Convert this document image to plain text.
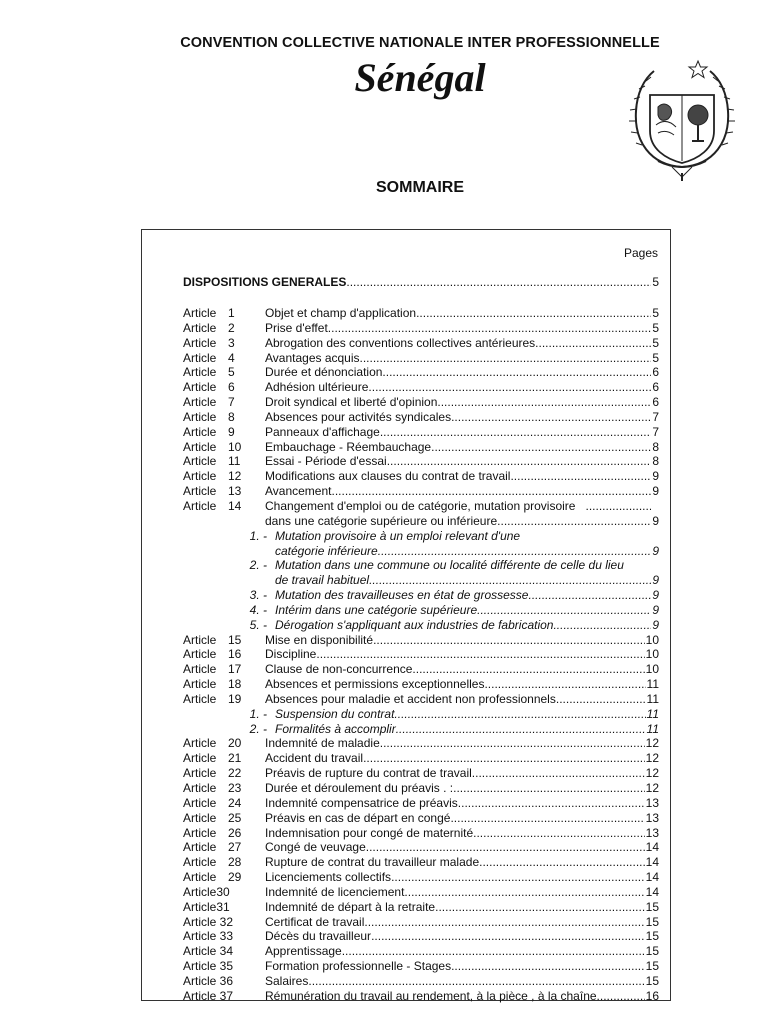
CONVENTION COLLECTIVE NATIONALE INTER PROFESSIONNELLE
Sénégal
SOMMAIRE
Pages
DISPOSITIONS GENERALES .....	5
Article 1	Objet et champ d'application .....	5
Article 2	Prise d'effet .....	5
Article 3	Abrogation des conventions collectives antérieures .....	5
Article 4	Avantages acquis .....	5
Article 5	Durée et dénonciation .....	6
Article 6	Adhésion ultérieure .....	6
Article 7	Droit syndical et liberté d'opinion .....	6
Article 8	Absences pour activités syndicales .....	7
Article 9	Panneaux d'affichage .....	7
Article 10	Embauchage - Réembauchage .....	8
Article 11	Essai - Période d'essai .....	8
Article 12	Modifications aux clauses du contrat de travail .....	9
Article 13	Avancement .....	9
Article 14	Changement d'emploi ou de catégorie, mutation provisoire
.....
dans une catégorie supérieure ou inférieure .....	9
1. - Mutation provisoire à un emploi relevant d'une
catégorie inférieure .....	9
2. - Mutation dans une commune ou localité différente de celle du lieu
de travail habituel .....	9
3. - Mutation des travailleuses en état de grossesse .....	9
4. - Intérim dans une catégorie supérieure .....	9
5. - Dérogation s'appliquant aux industries de fabrication .....	9
Article 15	Mise en disponibilité .....	10
Article 16	Discipline .....	10
Article 17	Clause de non-concurrence .....	10
Article 18	Absences et permissions exceptionnelles .....	11
Article 19	Absences pour maladie et accident non professionnels .....	11
1. - Suspension du contrat .....	11
2. - Formalités à accomplir .....	11
Article 20	Indemnité de maladie .....	12
Article 21	Accident du travail .....	12
Article 22	Préavis de rupture du contrat de travail .....	12
Article 23	Durée et déroulement du préavis . : .....	12
Article 24	Indemnité compensatrice de préavis .....	13
Article 25	Préavis en cas de départ en congé .....	13
Article 26	Indemnisation pour congé de maternité .....	13
Article 27	Congé de veuvage .....	14
Article 28	Rupture de contrat du travailleur malade .....	14
Article 29	Licenciements collectifs .....	14
Article30	Indemnité de licenciement .....	14
Article31	Indemnité de départ à la retraite .....	15
Article 32	Certificat de travail .....	15
Article 33	Décès du travailleur .....	15
Article 34	Apprentissage .....	15
Article 35	Formation professionnelle - Stages .....	15
Article 36	Salaires .....	15
Article 37	Rémunération du travail au rendement, à la pièce , à la chaîne .....	16
